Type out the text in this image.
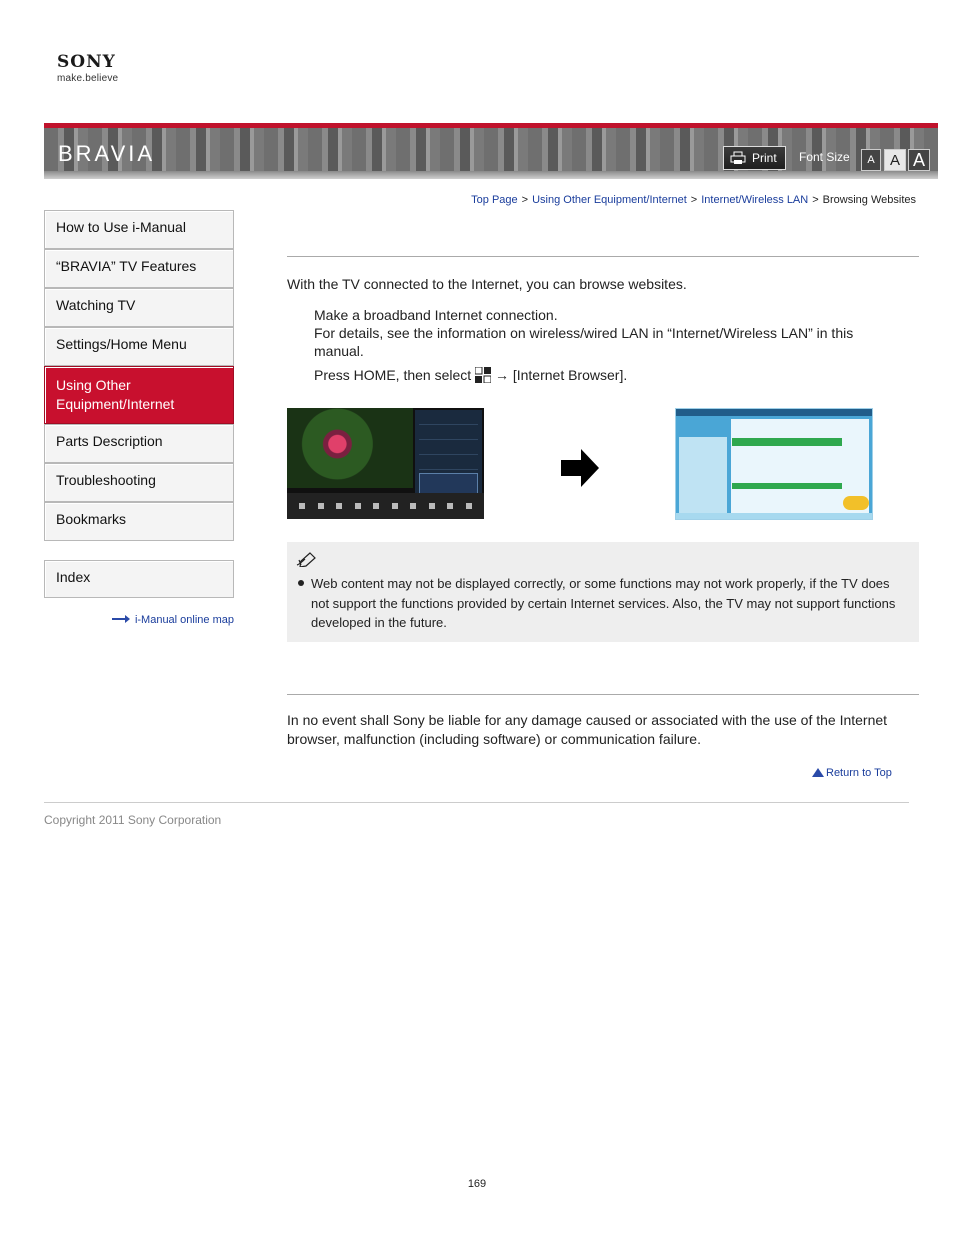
SONY
make.believe
BRAVIA	Print Font Size	A	A A
Top Page > Using Other Equipment/Internet > Internet/Wireless LAN > Browsing Websites
How to Use i-Manual
“BRAVIA” TV Features
Watching TV
Settings/Home Menu
Using Other Equipment/Internet
Parts Description
Troubleshooting
Bookmarks
Index
i-Manual online map
With the TV connected to the Internet, you can browse websites.
Make a broadband Internet connection.
For details, see the information on wireless/wired LAN in “Internet/Wireless LAN” in this
manual.
Press HOME, then select → [Internet Browser].
Web content may not be displayed correctly, or some functions may not work properly, if the TV does not support the functions provided by certain Internet services. Also, the TV may not support functions developed in the future.
In no event shall Sony be liable for any damage caused or associated with the use of the Internet browser, malfunction (including software) or communication failure.
Return to Top
Copyright 2011 Sony Corporation
169
